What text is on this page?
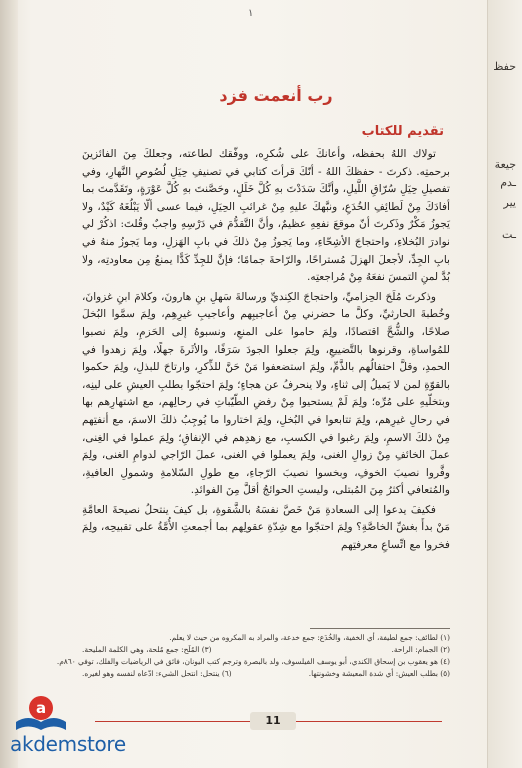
حفظ
جيعة
ـدم
يير
ـت
١
رب أنعمت فزد
تقديم للكتاب

تولاك اللهُ بحفظه، وأعانكَ على شُكرِه، ووفّقك لطاعته، وجعلكَ مِنَ الفائزينَ برحمتِه. ذكرتَ - حفظكَ اللهُ - أنّكَ قرأتَ كتابي في تصنيفِ حِيَلِ لُصُوصِ النَّهارِ، وفي تفصيلِ حِيَلِ سُرّاقِ اللَّيلِ، وأنَّكَ سَدَدْتَ بهِ كُلَّ خَلَلٍ، وحَصَّنتَ بهِ كُلَّ عَوْرَةٍ، وتَقَدَّمتَ بما أفادَكَ مِنْ لَطائِفِ الخُدَعِ، ونبَّهكَ عليهِ مِنْ غرائبِ الحِيَلِ، فيما عسى ألّا يَبْلُغَهُ كَيْدٌ، ولا يَجوزُ مَكْرٌ وذَكرتَ أنّ موقعَ نفعِهِ عظيمٌ، وأنَّ التَّقدُّمَ في دَرْسِهِ واجبٌ وقُلتَ: اذكُرْ لي نوادرَ البُخلاءِ، واحتجاجَ الأشِحّاءِ، وما يَجوزُ مِنْ ذلكَ في بابِ الهَزلِ، وما يَجوزُ منهُ في بابِ الجِدِّ، لأجعلَ الهزلَ مُستراحًا، والرّاحةَ جمامًا؛ فإنَّ للجِدِّ كَدًّا يمنعُ مِن معاودتِه، ولا بُدَّ لمنِ التمسَ نفعَهُ مِنْ مُراجعتِه.

وذكرتَ مُلَحَ الحِزاميِّ، واحتجاجَ الكِنديِّ ورسالةَ سَهلِ بنِ هارونَ، وكلامَ ابنِ غزوانَ، وخُطبةَ الحارثيِّ، وكلَّ ما حضرني مِنْ أعاجيبِهم وأعاجيبِ غيرِهِم، ولِمَ سمَّوا البُخلَ صلاحًا، والشُّحَّ اقتصادًا، ولِمَ حاموا على المنعِ، ونسبوهُ إلى الحَزمِ، ولِمَ نصبوا للمُواساةِ، وقرنوها بالتَّضييعِ، ولِمَ جعلوا الجودَ سَرَفًا، والأثَرةَ جهلًا، ولِمَ زهدوا في الحمدِ، وقلَّ احتفالُهم بالذَّمِّ، ولِمَ استضعفوا مَنْ حَنَّ للذِّكرِ، وارتاحَ للبذلِ، ولِمَ حكموا بالقوّةِ لمن لا يَميلُ إلى ثناءٍ، ولا ينحرفُ عن هجاءٍ؛ ولِمَ احتجّوا بطلبِ العيشِ على لينِه، وبتخلّيهِ على مُرِّه؛ ولِمَ لَمْ يستحيوا مِنْ رفضِ الطّيّباتِ في رحالِهم، مع اشتهارِهم بها في رحالِ غيرِهم، ولِمَ تتابعوا في البُخلِ، ولِمَ اختاروا ما يُوجِبُ ذلكَ الاسمَ، مع أنفتِهم مِنْ ذلكَ الاسمِ، ولِمَ رغبوا في الكسبِ، مع زهدِهم في الإنفاقِ؛ ولِمَ عملوا في الغِنى، عملَ الخائفِ مِنْ زوالِ الغنى، ولِمَ يعملوا في الغنى، عملَ الرّاجي لدوامِ الغنى، ولِمَ وفَّروا نصيبَ الخوفِ، وبخسوا نصيبَ الرّجاءِ، مع طولِ السّلامةِ وشمولِ العافيةِ، والمُتعافي أكثرُ مِنَ المُبتلى، وليستِ الحوائجُ أقلَّ مِنَ الفوائدِ.

فكيفَ يدعوا إلى السعادةِ مَنْ خَصَّ نفسَهُ بالشَّقوةِ، بل كيفَ ينتحلُ نصيحةَ العامَّةِ مَنْ بدأَ بغشِّ الخاصَّةِ؟ ولِمَ احتجّوا مع شِدّةِ عقولِهم بما أجمعتِ الأُمَّةُ على تقبيحِه، ولِمَ فخروا مع اتِّساعِ معرفتِهم

(١) لطائف: جمع لطيفة، أي الخفية، والخُدَع: جمع خدعة، والمراد به المكروه من حيث لا يعلم.
(٢) الجمام: الراحة.
(٣) المُلَح: جمع مُلحة، وهي الكلمة المليحة.
(٤) هو يعقوب بن إسحاق الكندي، أبو يوسف الفيلسوف، ولد بالبصرة وترجم كتب اليونان، فائق في الرياضيات والفلك، توفي ٨٦٠م.
(٥) بطلب العيش: أي شدة المعيشة وخشونتها.
(٦) ينتحل: انتحل الشيء: ادّعاه لنفسه وهو لغيره.
11
a
akdemstore
